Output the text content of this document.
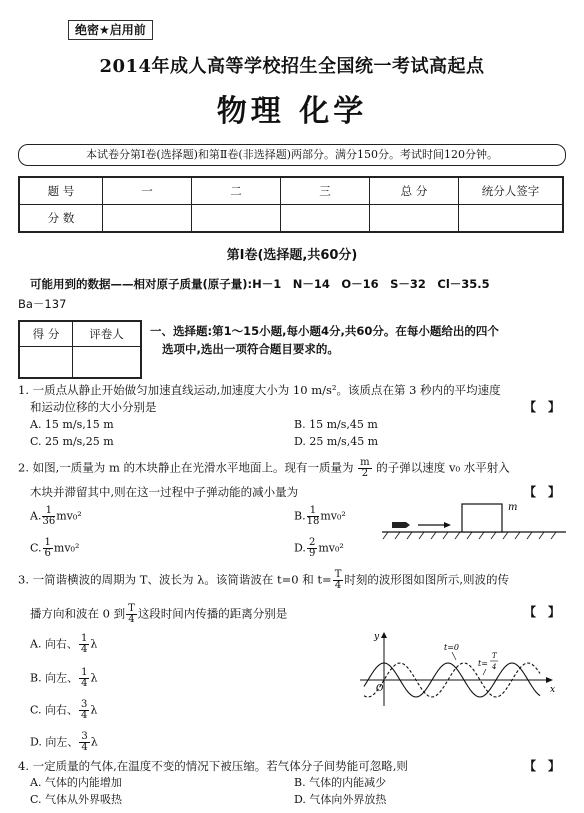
绝密★启用前
2014年成人高等学校招生全国统一考试高起点
物理 化学
本试卷分第Ⅰ卷(选择题)和第Ⅱ卷(非选择题)两部分。满分150分。考试时间120分钟。
题 号	一	二	三	总 分	统分人签字
分 数					
第Ⅰ卷(选择题,共60分)
可能用到的数据——相对原子质量(原子量):H－1　N－14　O－16　S－32　Cl－35.5
Ba－137
得 分	评卷人
	一、选择题:第1～15小题,每小题4分,共60分。在每小题给出的四个
选项中,选出一项符合题目要求的。
1. 一质点从静止开始做匀加速直线运动,加速度大小为 10 m/s²。该质点在第 3 秒内的平均速度
和运动位移的大小分别是	【　】
A. 15 m/s,15 m	B. 15 m/s,45 m
C. 25 m/s,25 m	D. 25 m/s,45 m
2. 如图,一质量为 m 的木块静止在光滑水平地面上。现有一质量为 $\frac{m}{2}$ 的子弹以速度 v₀ 水平射入
木块并滞留其中,则在这一过程中子弹动能的减小量为	【　】
A. $\frac{1}{36} mv_0^2$	B. $\frac{1}{18} mv_0^2$
C. $\frac{1}{6} mv_0^2$	D. $\frac{2}{9} mv_0^2$
m
3. 一简谐横波的周期为 T、波长为 λ。该简谐波在 t=0 和 $t= \frac{T}{4}$ 时刻的波形图如图所示,则波的传
播方向和波在 0 到 $\frac{T}{4}$ 这段时间内传播的距离分别是	【　】
A. 向右、 $\frac{1}{4}$ λ
B. 向左、 $\frac{1}{4}$ λ
C. 向右、 $\frac{3}{4}$ λ
D. 向左、 $\frac{3}{4}$ λ
y
x
O
t=0
t=
T
4
4. 一定质量的气体,在温度不变的情况下被压缩。若气体分子间势能可忽略,则	【　】
A. 气体的内能增加	B. 气体的内能减少
C. 气体从外界吸热	D. 气体向外界放热
